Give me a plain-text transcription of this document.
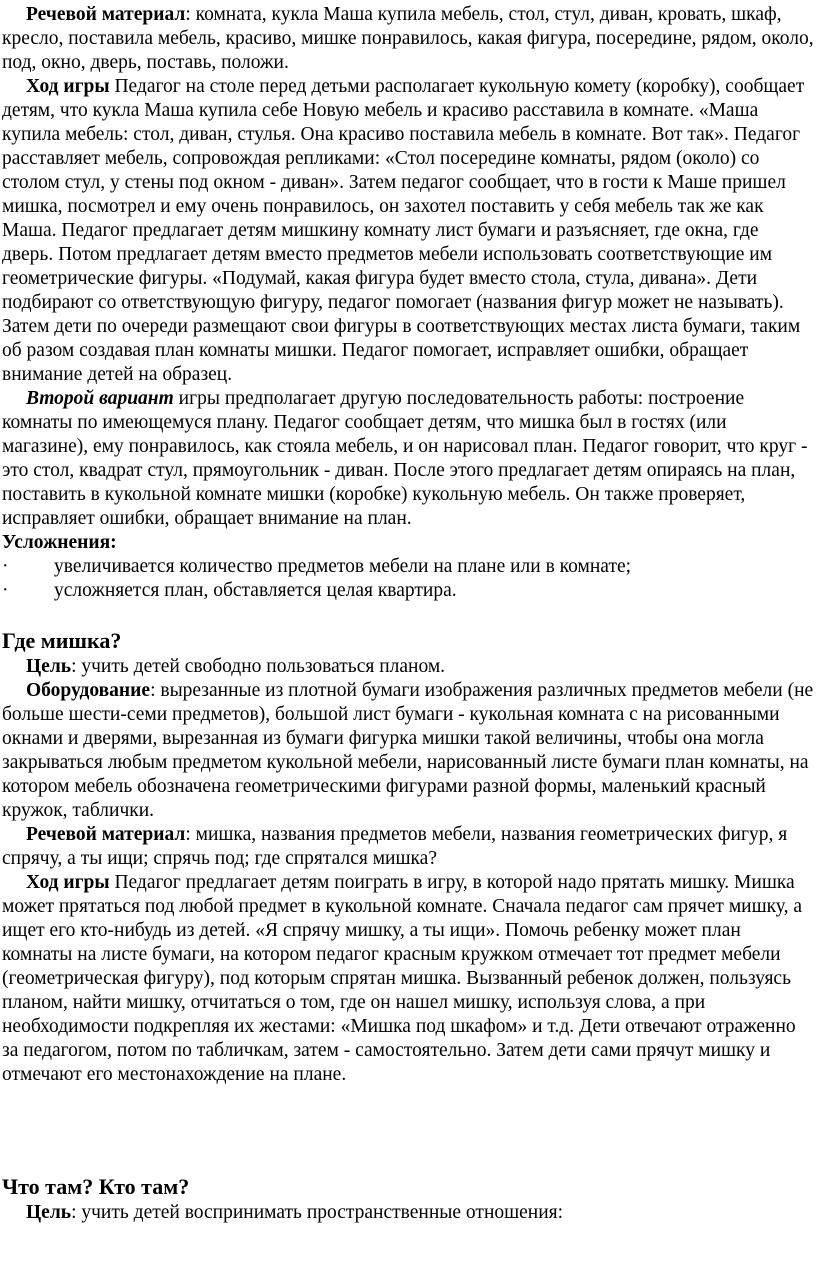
Речевой материал: комната, кукла Маша купила мебель, стол, стул, диван, кровать, шкаф, кресло, поставила мебель, красиво, мишке понравилось, какая фигура, посередине, рядом, около, под, окно, дверь, поставь, положи.

Ход игры Педагог на столе перед детьми располагает кукольную комету (коробку), сообщает детям, что кукла Маша купила себе Новую мебель и красиво расставила в комнате. «Маша купила мебель: стол, диван, стулья. Она красиво поставила мебель в комнате. Вот так». Педагог расставляет мебель, сопровождая репликами: «Стол посередине комнаты, рядом (около) со столом стул, у стены под окном - диван». Затем педагог сообщает, что в гости к Маше пришел мишка, посмотрел и ему очень понравилось, он захотел поставить у себя мебель так же как Маша. Педагог предлагает детям мишкину комнату лист бумаги и разъясняет, где окна, где дверь. Потом предлагает детям вместо предметов мебели использовать соответствующие им геометрические фигуры. «Подумай, какая фигура будет вместо стола, стула, дивана». Дети подбирают со ответствующую фигуру, педагог помогает (названия фигур может не называть). Затем дети по очереди размещают свои фигуры в соответствующих местах листа бумаги, таким об разом создавая план комнаты мишки. Педагог помогает, исправляет ошибки, обращает внимание детей на образец.

Второй вариант игры предполагает другую последовательность работы: построение комнаты по имеющемуся плану. Педагог сообщает детям, что мишка был в гостях (или магазине), ему понравилось, как стояла мебель, и он нарисовал план. Педагог говорит, что круг - это стол, квадрат стул, прямоугольник - диван. После этого предлагает детям опираясь на план, поставить в кукольной комнате мишки (коробке) кукольную мебель. Он также проверяет, исправляет ошибки, обращает внимание на план.

Усложнения:

·	увеличивается количество предметов мебели на плане или в комнате;
·	усложняется план, обставляется целая квартира.
Где мишка?

Цель: учить детей свободно пользоваться планом.

Оборудование: вырезанные из плотной бумаги изображения различных предметов мебели (не больше шести-семи предметов), большой лист бумаги - кукольная комната с на рисованными окнами и дверями, вырезанная из бумаги фигурка мишки такой величины, чтобы она могла закрываться любым предметом кукольной мебели, нарисованный листе бумаги план комнаты, на котором мебель обозначена геометрическими фигурами разной формы, маленький красный кружок, таблички.

Речевой материал: мишка, названия предметов мебели, названия геометрических фигур, я спрячу, а ты ищи; спрячь под; где спрятался мишка?

Ход игры Педагог предлагает детям поиграть в игру, в которой надо прятать мишку. Мишка может прятаться под любой предмет в кукольной комнате. Сначала педагог сам прячет мишку, а ищет его кто-нибудь из детей. «Я спрячу мишку, а ты ищи». Помочь ребенку может план комнаты на листе бумаги, на котором педагог красным кружком отмечает тот предмет мебели (геометрическая фигуру), под которым спрятан мишка. Вызванный ребенок должен, пользуясь планом, найти мишку, отчитаться о том, где он нашел мишку, используя слова, а при необходимости подкрепляя их жестами: «Мишка под шкафом» и т.д. Дети отвечают отраженно за педагогом, потом по табличкам, затем - самостоятельно. Затем дети сами прячут мишку и отмечают его местонахождение на плане.

Что там? Кто там?

Цель: учить детей воспринимать пространственные отношения:
